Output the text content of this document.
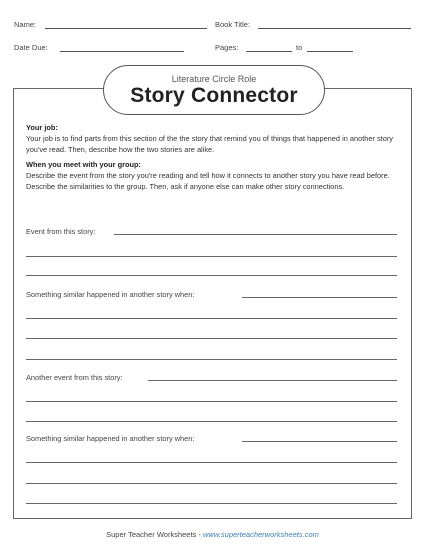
Name:	Book Title:
Date Due:	Pages:	to
Literature Circle Role
Story Connector
Your job:
Your job is to find parts from this section of the the story that remind you of things that happened in another story you've read. Then, describe how the two stories are alike.
When you meet with your group:
Describe the event from the story you're reading and tell how it connects to another story you have read before. Describe the similarities to the group. Then, ask if anyone else can make other story connections.
Event from this story:
Something similar happened in another story when:
Another event from this story:
Something similar happened in another story when:
Super Teacher Worksheets - www.superteacherworksheets.com
